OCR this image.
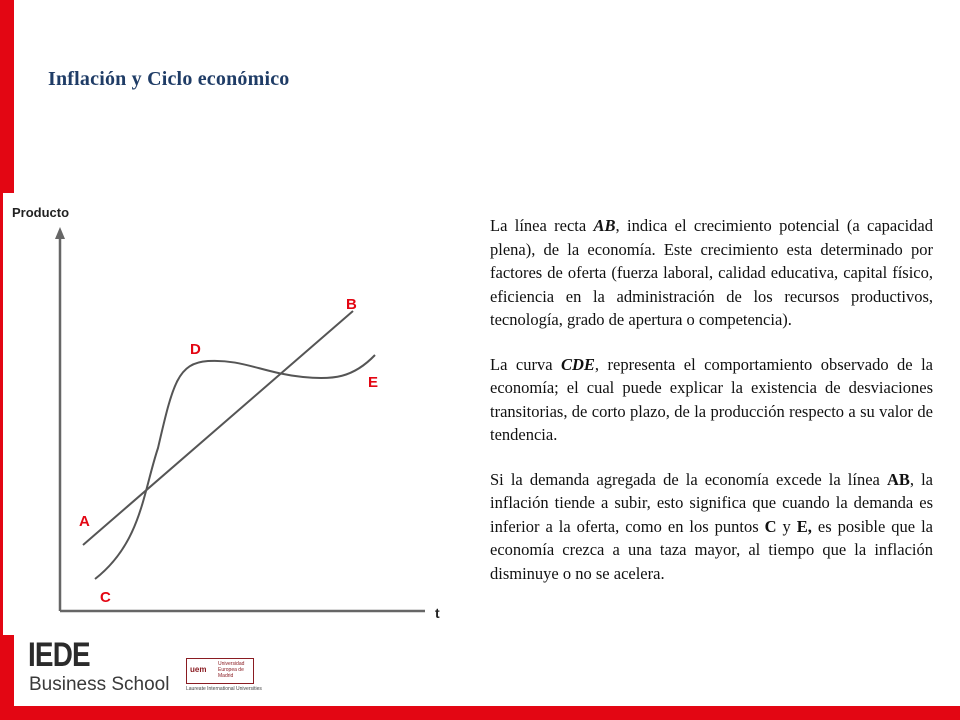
Inflación y Ciclo económico
Producto
t
B
D
E
A
C

La línea recta AB, indica el crecimiento potencial (a capacidad plena), de la economía. Este crecimiento esta determinado por factores de oferta (fuerza laboral, calidad educativa, capital físico, eficiencia en la administración de los recursos productivos, tecnología, grado de apertura o competencia).

La curva CDE, representa el comportamiento observado de la economía; el cual puede explicar la existencia de desviaciones transitorias, de corto plazo, de la producción respecto a su valor de tendencia.

Si la demanda agregada de la economía excede la línea AB, la inflación tiende a subir, esto significa que cuando la demanda es inferior a la oferta, como en los puntos C y E, es posible que la economía crezca a una taza mayor, al tiempo que la inflación disminuye o no se acelera.

IEDE
Business School
uem
Universidad Europea de Madrid
Laureate International Universities
